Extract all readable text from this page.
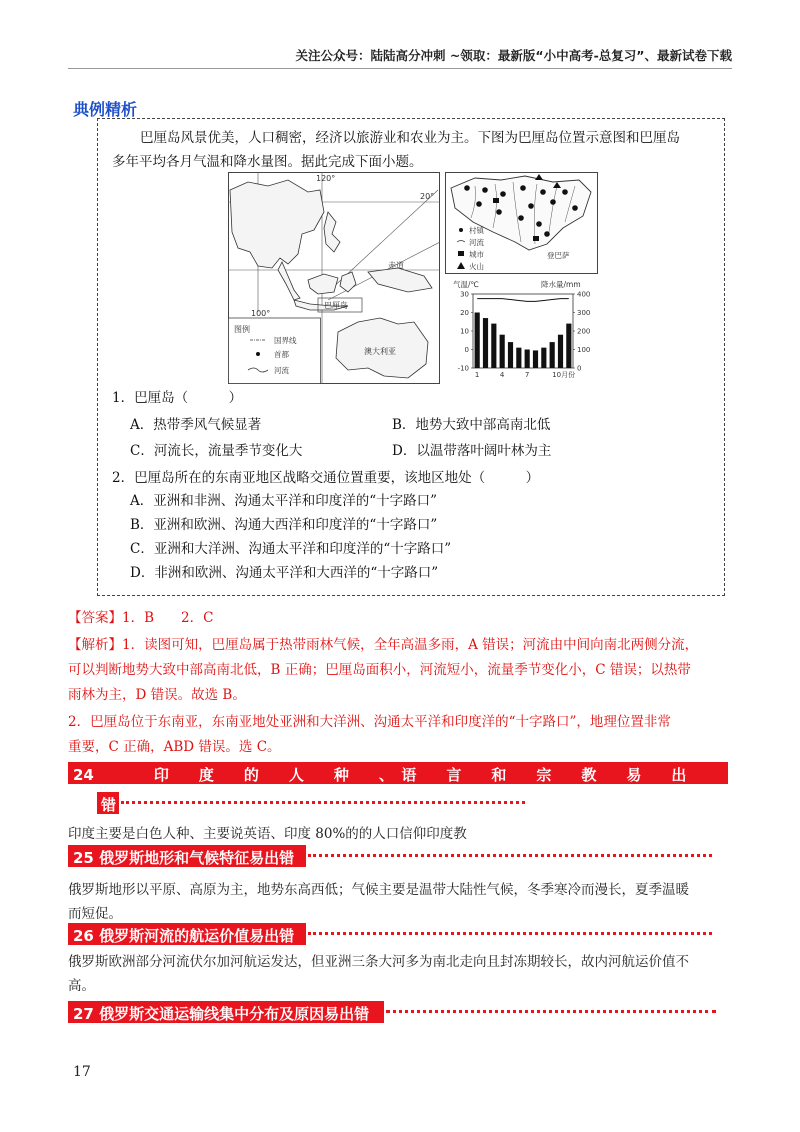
关注公众号：陆陆高分冲刺 ~领取：最新版“小中高考-总复习”、最新试卷下载
典例精析
巴厘岛风景优美，人口稠密，经济以旅游业和农业为主。下图为巴厘岛位置示意图和巴厘岛
多年平均各月气温和降水量图。据此完成下面小题。
120°
20°
100°
赤道
巴厘岛
澳大利亚
图例
国界线
首都
河流
村镇
河流
城市
火山
登巴萨
气温/℃	降水量/mm
30
20
10
0
-10
400
300
200
100
0
1	4	7	10月份
1．巴厘岛（　　　）
A．热带季风气候显著	B．地势大致中部高南北低
C．河流长，流量季节变化大	D．以温带落叶阔叶林为主
2．巴厘岛所在的东南亚地区战略交通位置重要，该地区地处（　　　）
A．亚洲和非洲、沟通太平洋和印度洋的“十字路口”
B．亚洲和欧洲、沟通大西洋和印度洋的“十字路口”
C．亚洲和大洋洲、沟通太平洋和印度洋的“十字路口”
D．非洲和欧洲、沟通太平洋和大西洋的“十字路口”
【答案】1．B　　2．C
【解析】1．读图可知，巴厘岛属于热带雨林气候，全年高温多雨，A 错误；河流由中间向南北两侧分流，
可以判断地势大致中部高南北低，B 正确；巴厘岛面积小，河流短小，流量季节变化小，C 错误；以热带
雨林为主，D 错误。故选 B。
2．巴厘岛位于东南亚，东南亚地处亚洲和大洋洲、沟通太平洋和印度洋的“十字路口”，地理位置非常
重要，C 正确，ABD 错误。选 C。
24　　　　印　　度　　的　　人　　种　　、　语　　言　　和　　宗　　教　　易　　出
错
印度主要是白色人种、主要说英语、印度 80%的的人口信仰印度教
25 俄罗斯地形和气候特征易出错
俄罗斯地形以平原、高原为主，地势东高西低；气候主要是温带大陆性气候，冬季寒冷而漫长，夏季温暖
而短促。
26 俄罗斯河流的航运价值易出错
俄罗斯欧洲部分河流伏尔加河航运发达，但亚洲三条大河多为南北走向且封冻期较长，故内河航运价值不
高。
27 俄罗斯交通运输线集中分布及原因易出错
17
